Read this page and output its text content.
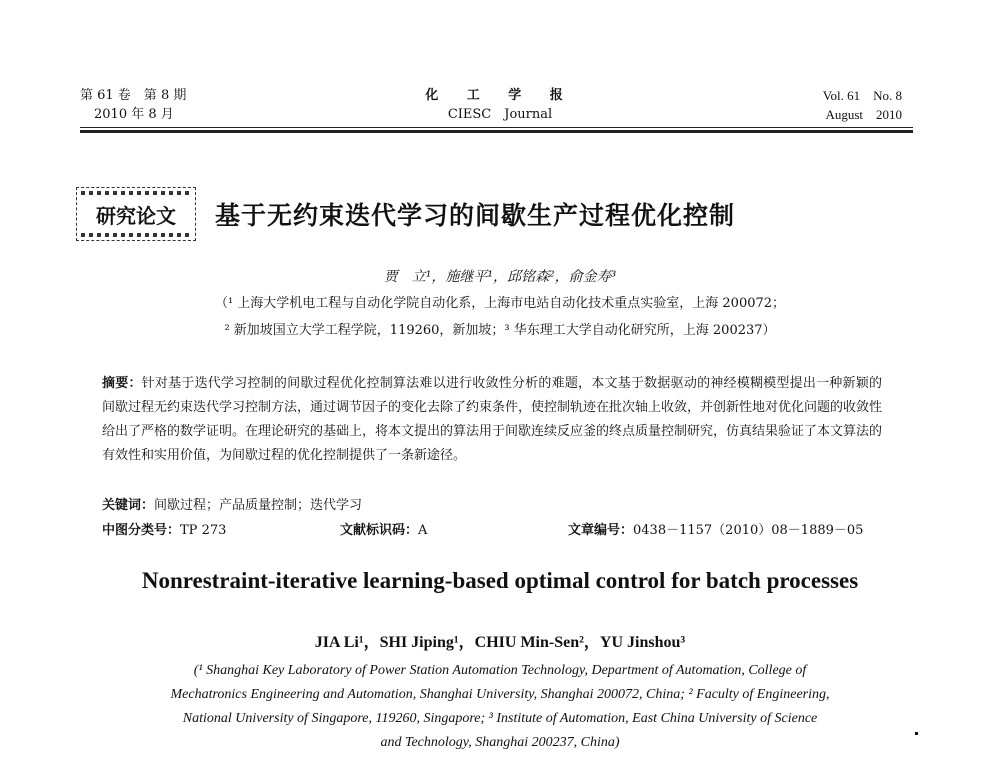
第 61 卷　第 8 期
2010 年 8 月
化 工 学 报
CIESC　Journal
Vol. 61　No. 8
August　2010
研究论文 基于无约束迭代学习的间歇生产过程优化控制
贾　立¹，施继平¹，邱铭森²，俞金寿³
（¹ 上海大学机电工程与自动化学院自动化系，上海市电站自动化技术重点实验室，上海 200072；
² 新加坡国立大学工程学院，119260，新加坡；³ 华东理工大学自动化研究所，上海 200237）
摘要：针对基于迭代学习控制的间歇过程优化控制算法难以进行收敛性分析的难题，本文基于数据驱动的神经模糊模型提出一种新颖的间歇过程无约束迭代学习控制方法，通过调节因子的变化去除了约束条件，使控制轨迹在批次轴上收敛，并创新性地对优化问题的收敛性给出了严格的数学证明。在理论研究的基础上，将本文提出的算法用于间歇连续反应釜的终点质量控制研究，仿真结果验证了本文算法的有效性和实用价值，为间歇过程的优化控制提供了一条新途径。
关键词：间歇过程；产品质量控制；迭代学习
中图分类号：TP 273	文献标识码：A	文章编号：0438－1157（2010）08－1889－05
Nonrestraint-iterative learning-based optimal control for batch processes
JIA Li¹，SHI Jiping¹，CHIU Min-Sen²，YU Jinshou³
(¹ Shanghai Key Laboratory of Power Station Automation Technology, Department of Automation, College of
Mechatronics Engineering and Automation, Shanghai University, Shanghai 200072, China; ² Faculty of Engineering,
National University of Singapore, 119260, Singapore; ³ Institute of Automation, East China University of Science
and Technology, Shanghai 200237, China)
